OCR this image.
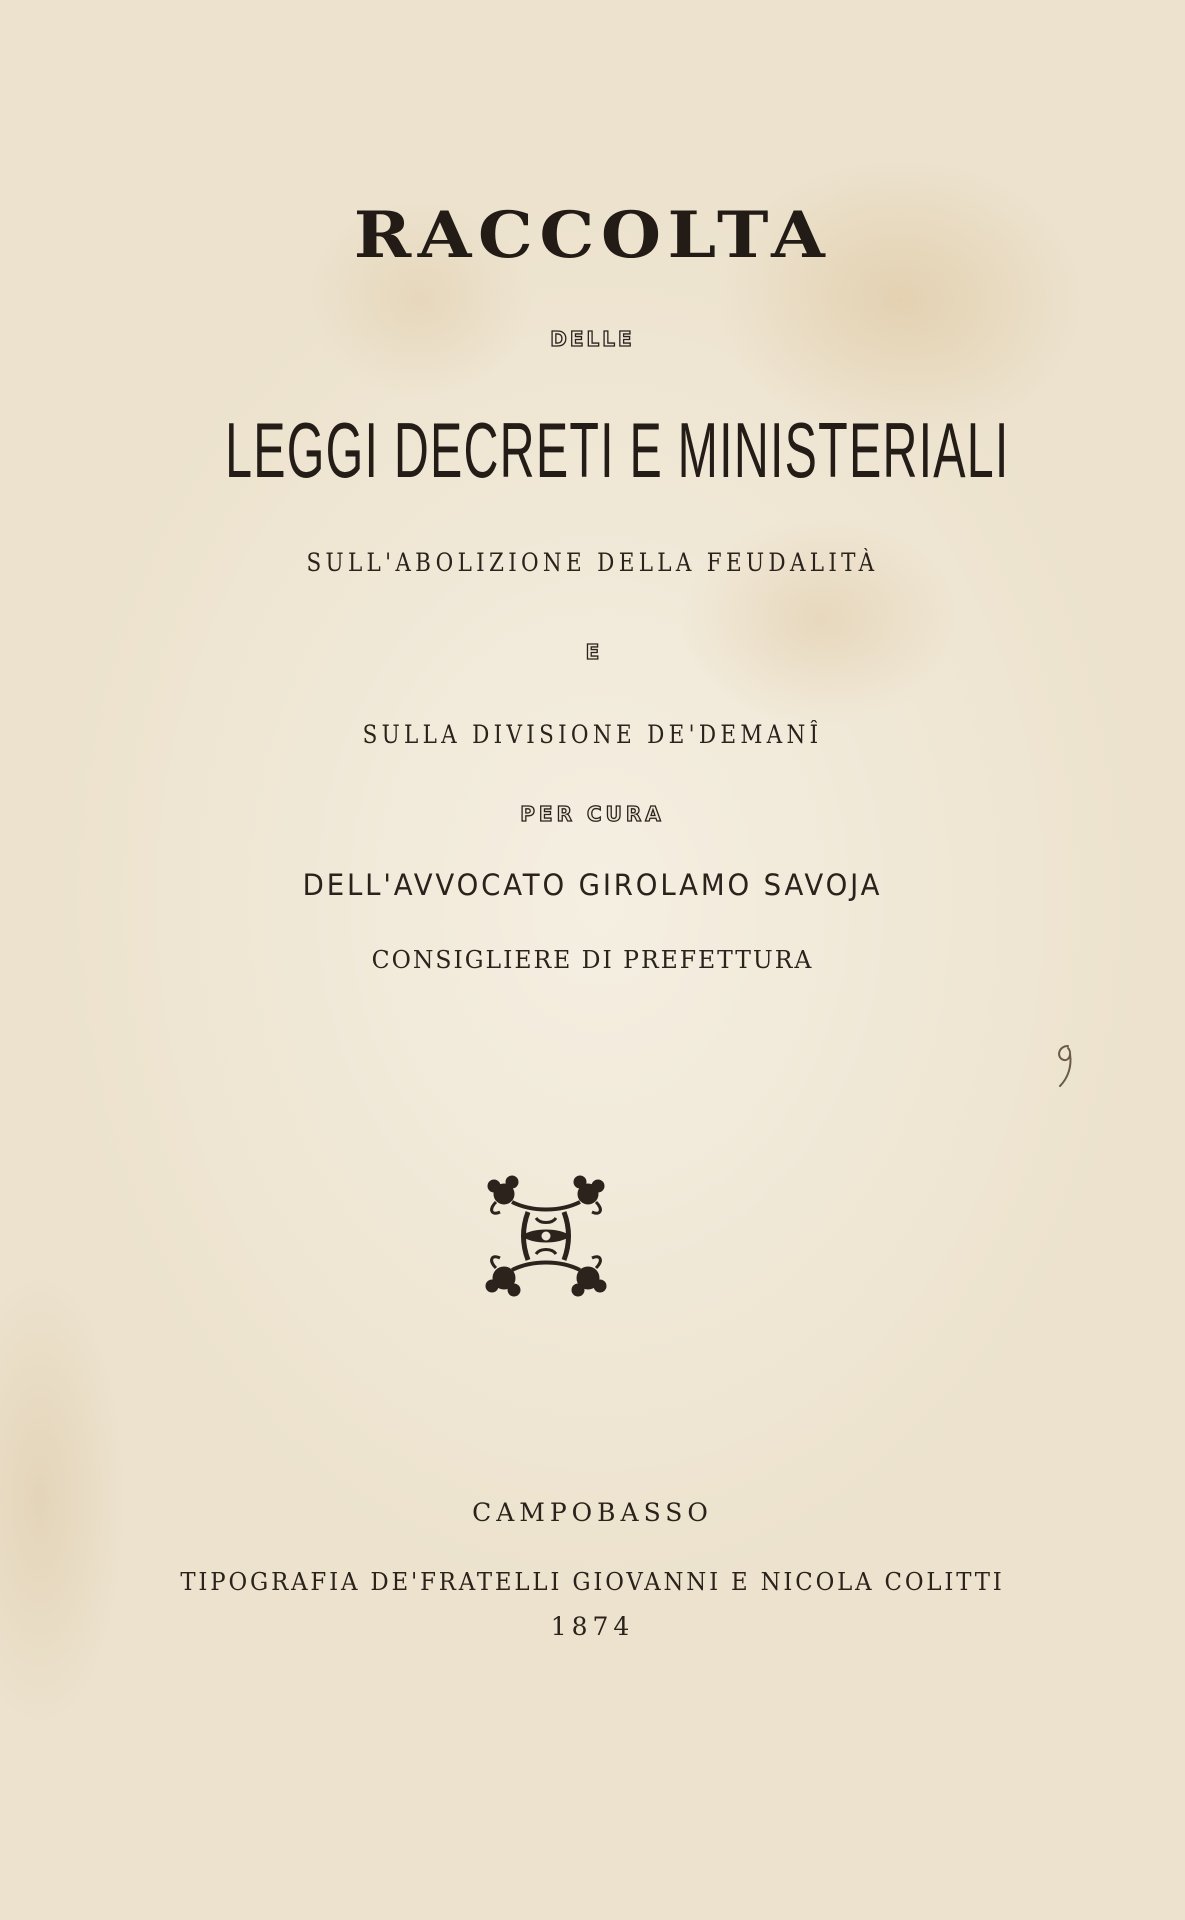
RACCOLTA
DELLE
LEGGI DECRETI E MINISTERIALI
SULL'ABOLIZIONE DELLA FEUDALITÀ
E
SULLA DIVISIONE DE'DEMANÎ
PER CURA
DELL'AVVOCATO GIROLAMO SAVOJA
CONSIGLIERE DI PREFETTURA
CAMPOBASSO
TIPOGRAFIA DE'FRATELLI GIOVANNI E NICOLA COLITTI
1874
